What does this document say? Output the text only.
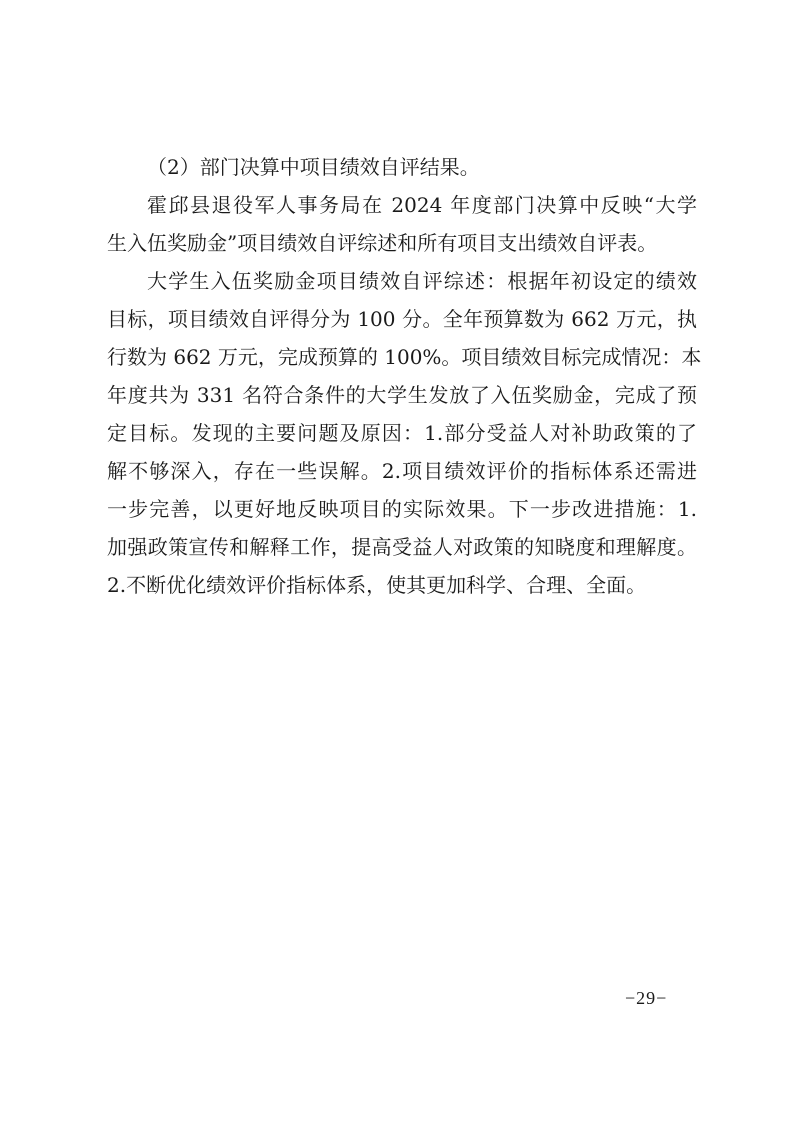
（2）部门决算中项目绩效自评结果。
霍邱县退役军人事务局在 2024 年度部门决算中反映“大学
生入伍奖励金”项目绩效自评综述和所有项目支出绩效自评表。
大学生入伍奖励金项目绩效自评综述：根据年初设定的绩效
目标，项目绩效自评得分为 100 分。全年预算数为 662 万元，执
行数为 662 万元，完成预算的 100%。项目绩效目标完成情况：本
年度共为 331 名符合条件的大学生发放了入伍奖励金，完成了预
定目标。发现的主要问题及原因：1.部分受益人对补助政策的了
解不够深入，存在一些误解。2.项目绩效评价的指标体系还需进
一步完善，以更好地反映项目的实际效果。下一步改进措施：1.
加强政策宣传和解释工作，提高受益人对政策的知晓度和理解度。
2.不断优化绩效评价指标体系，使其更加科学、合理、全面。
−29−
